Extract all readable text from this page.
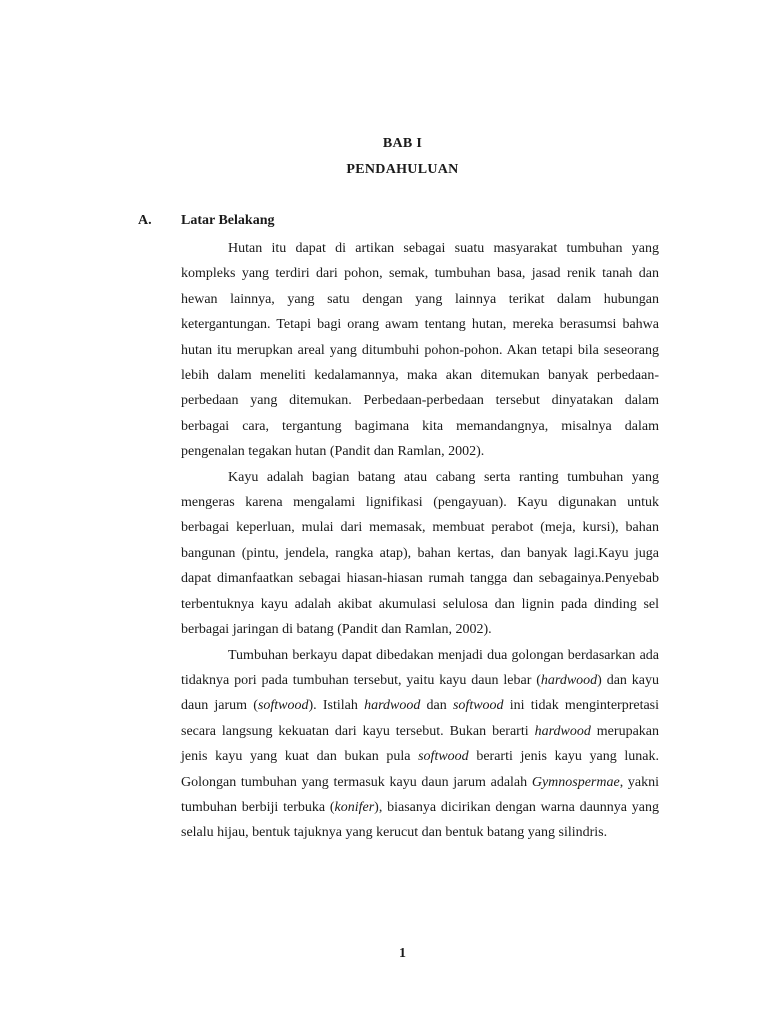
BAB I
PENDAHULUAN
A. Latar Belakang

Hutan itu dapat di artikan sebagai suatu masyarakat tumbuhan yang kompleks yang terdiri dari pohon, semak, tumbuhan basa, jasad renik tanah dan hewan lainnya, yang satu dengan yang lainnya terikat dalam hubungan ketergantungan. Tetapi bagi orang awam tentang hutan, mereka berasumsi bahwa hutan itu merupkan areal yang ditumbuhi pohon-pohon. Akan tetapi bila seseorang lebih dalam meneliti kedalamannya, maka akan ditemukan banyak perbedaan-perbedaan yang ditemukan. Perbedaan-perbedaan tersebut dinyatakan dalam berbagai cara, tergantung bagimana kita memandangnya, misalnya dalam pengenalan tegakan hutan (Pandit dan Ramlan, 2002).

Kayu adalah bagian batang atau cabang serta ranting tumbuhan yang mengeras karena mengalami lignifikasi (pengayuan). Kayu digunakan untuk berbagai keperluan, mulai dari memasak, membuat perabot (meja, kursi), bahan bangunan (pintu, jendela, rangka atap), bahan kertas, dan banyak lagi.Kayu juga dapat dimanfaatkan sebagai hiasan-hiasan rumah tangga dan sebagainya.Penyebab terbentuknya kayu adalah akibat akumulasi selulosa dan lignin pada dinding sel berbagai jaringan di batang (Pandit dan Ramlan, 2002).

Tumbuhan berkayu dapat dibedakan menjadi dua golongan berdasarkan ada tidaknya pori pada tumbuhan tersebut, yaitu kayu daun lebar (hardwood) dan kayu daun jarum (softwood). Istilah hardwood dan softwood ini tidak menginterpretasi secara langsung kekuatan dari kayu tersebut. Bukan berarti hardwood merupakan jenis kayu yang kuat dan bukan pula softwood berarti jenis kayu yang lunak. Golongan tumbuhan yang termasuk kayu daun jarum adalah Gymnospermae, yakni tumbuhan berbiji terbuka (konifer), biasanya dicirikan dengan warna daunnya yang selalu hijau, bentuk tajuknya yang kerucut dan bentuk batang yang silindris.

1
